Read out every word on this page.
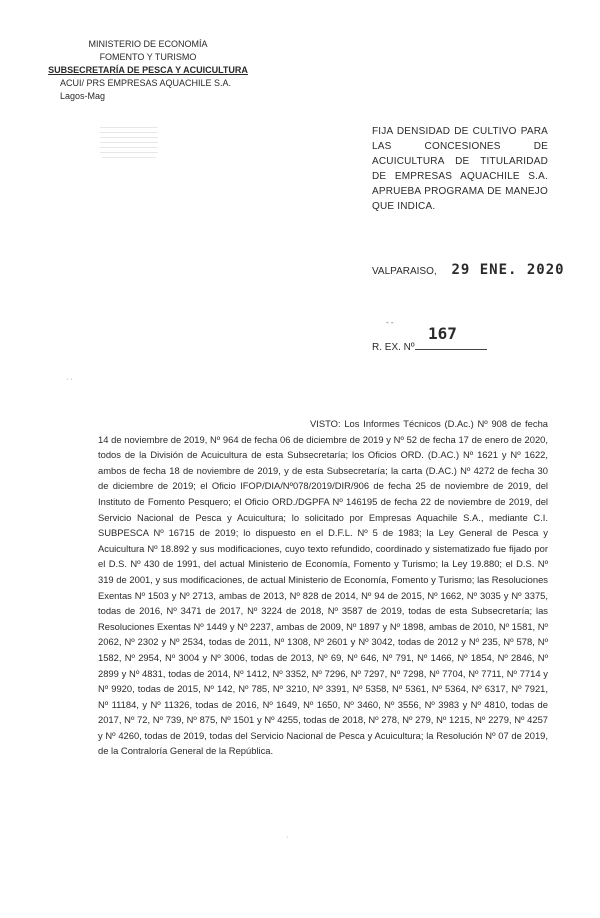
MINISTERIO DE ECONOMÍA
FOMENTO Y TURISMO
SUBSECRETARÍA DE PESCA Y ACUICULTURA
ACUI/ PRS EMPRESAS AQUACHILE S.A.
Lagos-Mag
FIJA DENSIDAD DE CULTIVO PARA LAS CONCESIONES DE ACUICULTURA DE TITULARIDAD DE EMPRESAS AQUACHILE S.A. APRUEBA PROGRAMA DE MANEJO QUE INDICA.
VALPARAISO, 29 ENE. 2020
- -
R. EX. Nº
167
· ·
VISTO: Los Informes Técnicos (D.Ac.) Nº 908 de fecha 14 de noviembre de 2019, Nº 964 de fecha 06 de diciembre de 2019 y Nº 52 de fecha 17 de enero de 2020, todos de la División de Acuicultura de esta Subsecretaría; los Oficios ORD. (D.AC.) Nº 1621 y Nº 1622, ambos de fecha 18 de noviembre de 2019, y de esta Subsecretaría; la carta (D.AC.) Nº 4272 de fecha 30 de diciembre de 2019; el Oficio IFOP/DIA/Nº078/2019/DIR/906 de fecha 25 de noviembre de 2019, del Instituto de Fomento Pesquero; el Oficio ORD./DGPFA Nº 146195 de fecha 22 de noviembre de 2019, del Servicio Nacional de Pesca y Acuicultura; lo solicitado por Empresas Aquachile S.A., mediante C.I. SUBPESCA Nº 16715 de 2019; lo dispuesto en el D.F.L. Nº 5 de 1983; la Ley General de Pesca y Acuicultura Nº 18.892 y sus modificaciones, cuyo texto refundido, coordinado y sistematizado fue fijado por el D.S. Nº 430 de 1991, del actual Ministerio de Economía, Fomento y Turismo; la Ley 19.880; el D.S. Nº 319 de 2001, y sus modificaciones, de actual Ministerio de Economía, Fomento y Turismo; las Resoluciones Exentas Nº 1503 y Nº 2713, ambas de 2013, Nº 828 de 2014, Nº 94 de 2015, Nº 1662, Nº 3035 y Nº 3375, todas de 2016, Nº 3471 de 2017, Nº 3224 de 2018, Nº 3587 de 2019, todas de esta Subsecretaría; las Resoluciones Exentas Nº 1449 y Nº 2237, ambas de 2009, Nº 1897 y Nº 1898, ambas de 2010, Nº 1581, Nº 2062, Nº 2302 y Nº 2534, todas de 2011, Nº 1308, Nº 2601 y Nº 3042, todas de 2012 y Nº 235, Nº 578, Nº 1582, Nº 2954, Nº 3004 y Nº 3006, todas de 2013, Nº 69, Nº 646, Nº 791, Nº 1466, Nº 1854, Nº 2846, Nº 2899 y Nº 4831, todas de 2014, Nº 1412, Nº 3352, Nº 7296, Nº 7297, Nº 7298, Nº 7704, Nº 7711, Nº 7714 y Nº 9920, todas de 2015, Nº 142, Nº 785, Nº 3210, Nº 3391, Nº 5358, Nº 5361, Nº 5364, Nº 6317, Nº 7921, Nº 11184, y Nº 11326, todas de 2016, Nº 1649, Nº 1650, Nº 3460, Nº 3556, Nº 3983 y Nº 4810, todas de 2017, Nº 72, Nº 739, Nº 875, Nº 1501 y Nº 4255, todas de 2018, Nº 278, Nº 279, Nº 1215, Nº 2279, Nº 4257 y Nº 4260, todas de 2019, todas del Servicio Nacional de Pesca y Acuicultura; la Resolución Nº 07 de 2019, de la Contraloría General de la República.
·
